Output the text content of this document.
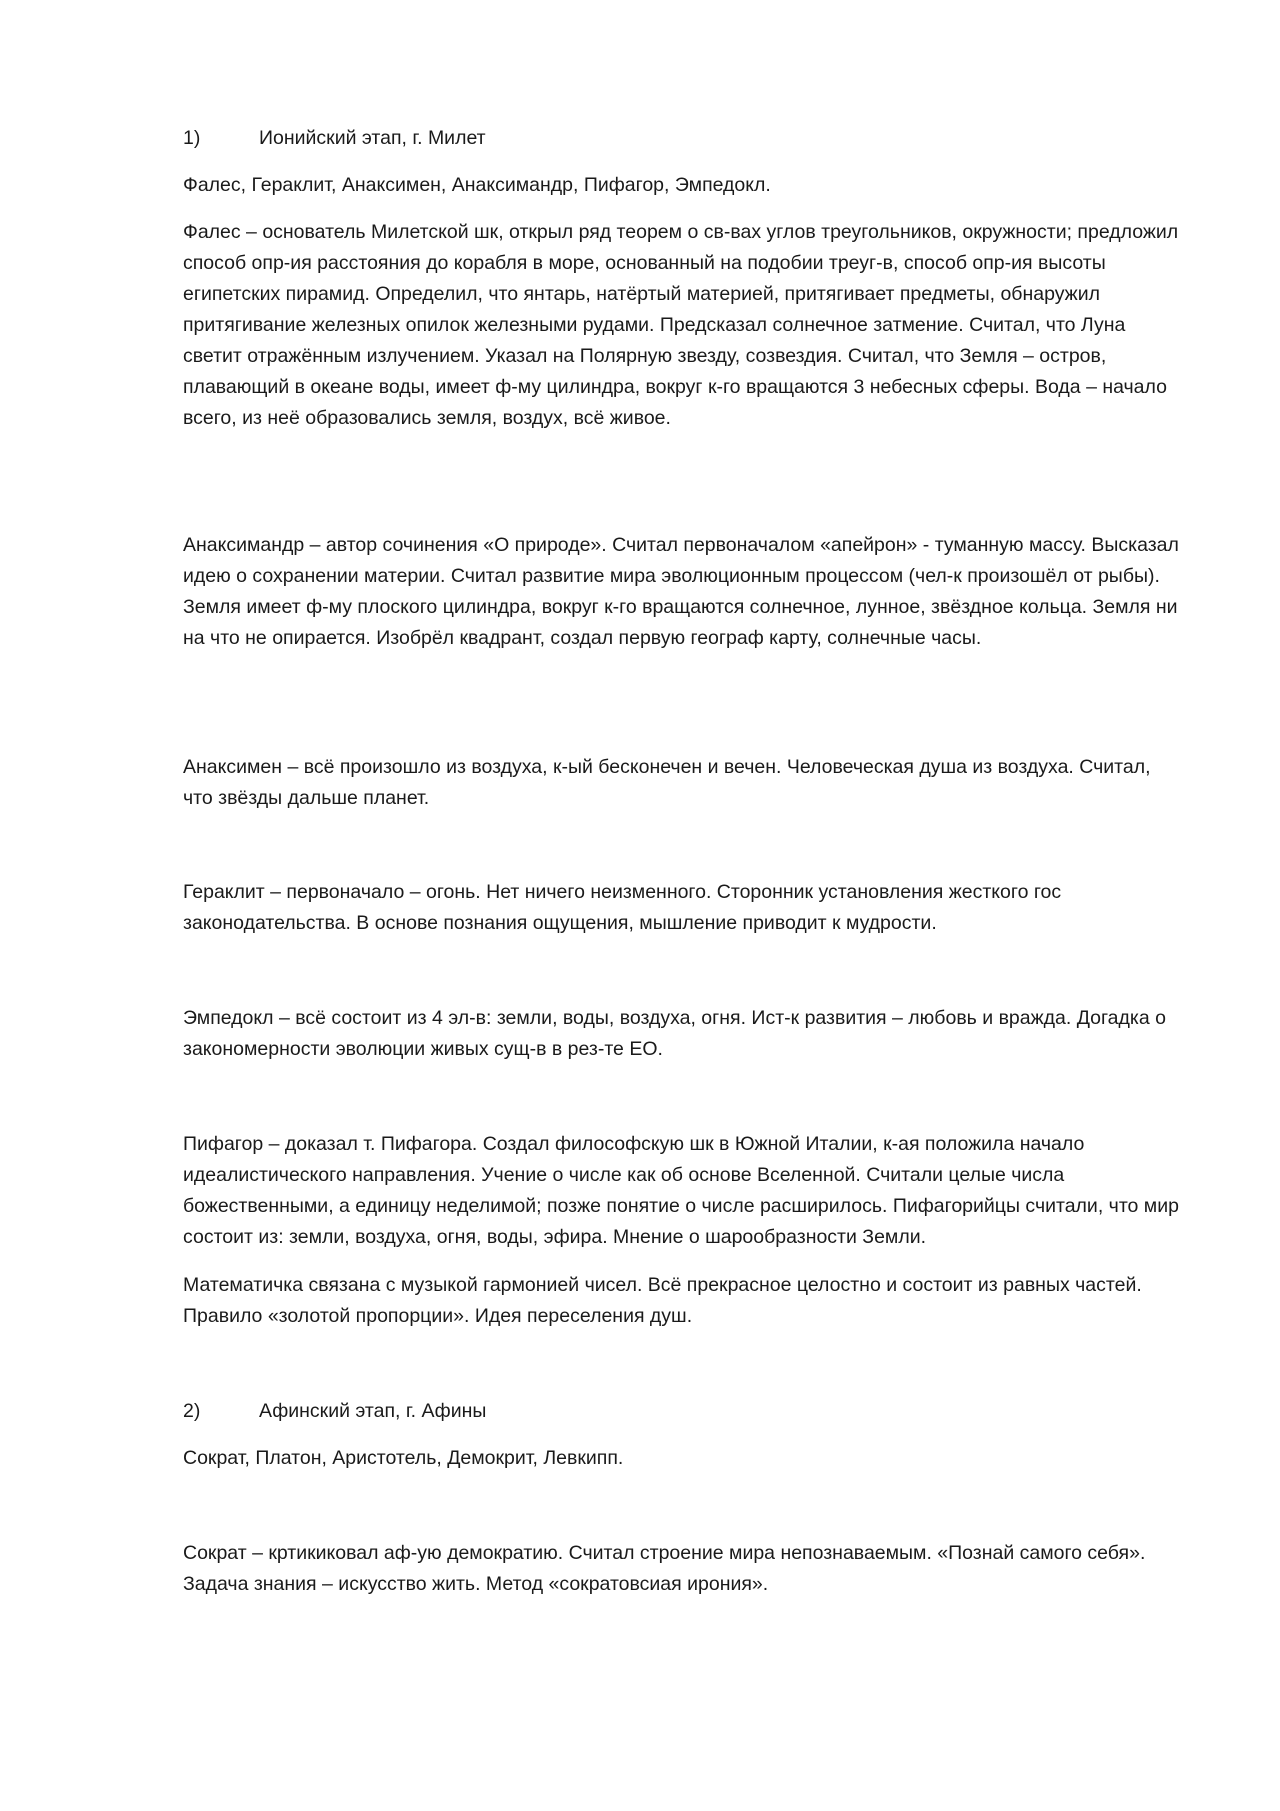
1)	Ионийский этап, г. Милет

Фалес, Гераклит, Анаксимен, Анаксимандр, Пифагор, Эмпедокл.

Фалес – основатель Милетской шк, открыл ряд теорем о св-вах углов треугольников, окружности; предложил способ опр-ия расстояния до корабля в море, основанный на подобии треуг-в, способ опр-ия высоты египетских пирамид. Определил, что янтарь, натёртый материей, притягивает предметы, обнаружил притягивание железных опилок железными рудами. Предсказал солнечное затмение. Считал, что Луна светит отражённым излучением. Указал на Полярную звезду, созвездия. Считал, что Земля – остров, плавающий в океане воды, имеет ф-му цилиндра, вокруг к-го вращаются 3 небесных сферы. Вода – начало всего, из неё образовались земля, воздух, всё живое.

Анаксимандр – автор сочинения «О природе». Считал первоначалом «апейрон» - туманную массу. Высказал идею о сохранении материи. Считал развитие мира эволюционным процессом (чел-к произошёл от рыбы). Земля имеет ф-му плоского цилиндра, вокруг к-го вращаются солнечное, лунное, звёздное кольца. Земля ни на что не опирается. Изобрёл квадрант, создал первую географ карту, солнечные часы.

Анаксимен – всё произошло из воздуха, к-ый бесконечен и вечен. Человеческая душа из воздуха. Считал, что звёзды дальше планет.

Гераклит – первоначало – огонь. Нет ничего неизменного. Сторонник установления жесткого гос законодательства. В основе познания ощущения, мышление приводит к мудрости.

Эмпедокл – всё состоит из 4 эл-в: земли, воды, воздуха, огня. Ист-к развития – любовь и вражда. Догадка о закономерности эволюции живых сущ-в в рез-те ЕО.

Пифагор – доказал т. Пифагора. Создал философскую шк в Южной Италии, к-ая положила начало идеалистического направления. Учение о числе как об основе Вселенной. Считали целые числа божественными, а единицу неделимой; позже понятие о числе расширилось. Пифагорийцы считали, что мир состоит из: земли, воздуха, огня, воды, эфира. Мнение о шарообразности Земли.

Математичка связана с музыкой гармонией чисел. Всё прекрасное целостно и состоит из равных частей. Правило «золотой пропорции». Идея переселения душ.

2)	Афинский этап, г. Афины

Сократ, Платон, Аристотель, Демокрит, Левкипп.

Сократ – кртикиковал аф-ую демократию. Считал строение мира непознаваемым. «Познай самого себя». Задача знания – искусство жить. Метод «сократовсиая ирония».
